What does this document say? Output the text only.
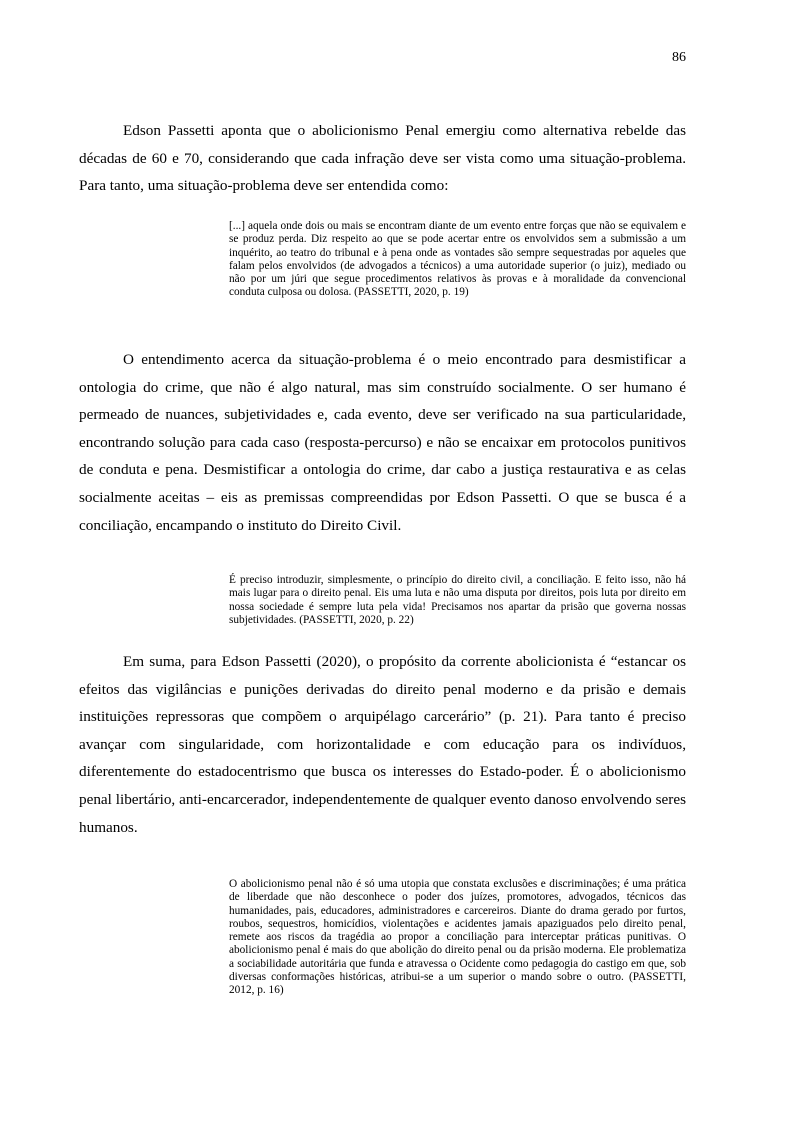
86

Edson Passetti aponta que o abolicionismo Penal emergiu como alternativa rebelde das décadas de 60 e 70, considerando que cada infração deve ser vista como uma situação-problema. Para tanto, uma situação-problema deve ser entendida como:

[...] aquela onde dois ou mais se encontram diante de um evento entre forças que não se equivalem e se produz perda. Diz respeito ao que se pode acertar entre os envolvidos sem a submissão a um inquérito, ao teatro do tribunal e à pena onde as vontades são sempre sequestradas por aqueles que falam pelos envolvidos (de advogados a técnicos) a uma autoridade superior (o juiz), mediado ou não por um júri que segue procedimentos relativos às provas e à moralidade da convencional conduta culposa ou dolosa. (PASSETTI, 2020, p. 19)

O entendimento acerca da situação-problema é o meio encontrado para desmistificar a ontologia do crime, que não é algo natural, mas sim construído socialmente. O ser humano é permeado de nuances, subjetividades e, cada evento, deve ser verificado na sua particularidade, encontrando solução para cada caso (resposta-percurso) e não se encaixar em protocolos punitivos de conduta e pena. Desmistificar a ontologia do crime, dar cabo a justiça restaurativa e as celas socialmente aceitas – eis as premissas compreendidas por Edson Passetti. O que se busca é a conciliação, encampando o instituto do Direito Civil.

É preciso introduzir, simplesmente, o princípio do direito civil, a conciliação. E feito isso, não há mais lugar para o direito penal. Eis uma luta e não uma disputa por direitos, pois luta por direito em nossa sociedade é sempre luta pela vida! Precisamos nos apartar da prisão que governa nossas subjetividades. (PASSETTI, 2020, p. 22)

Em suma, para Edson Passetti (2020), o propósito da corrente abolicionista é “estancar os efeitos das vigilâncias e punições derivadas do direito penal moderno e da prisão e demais instituições repressoras que compõem o arquipélago carcerário” (p. 21). Para tanto é preciso avançar com singularidade, com horizontalidade e com educação para os indivíduos, diferentemente do estadocentrismo que busca os interesses do Estado-poder. É o abolicionismo penal libertário, anti-encarcerador, independentemente de qualquer evento danoso envolvendo seres humanos.

O abolicionismo penal não é só uma utopia que constata exclusões e discriminações; é uma prática de liberdade que não desconhece o poder dos juízes, promotores, advogados, técnicos das humanidades, pais, educadores, administradores e carcereiros. Diante do drama gerado por furtos, roubos, sequestros, homicídios, violentações e acidentes jamais apaziguados pelo direito penal, remete aos riscos da tragédia ao propor a conciliação para interceptar práticas punitivas. O abolicionismo penal é mais do que abolição do direito penal ou da prisão moderna. Ele problematiza a sociabilidade autoritária que funda e atravessa o Ocidente como pedagogia do castigo em que, sob diversas conformações históricas, atribui-se a um superior o mando sobre o outro. (PASSETTI, 2012, p. 16)
